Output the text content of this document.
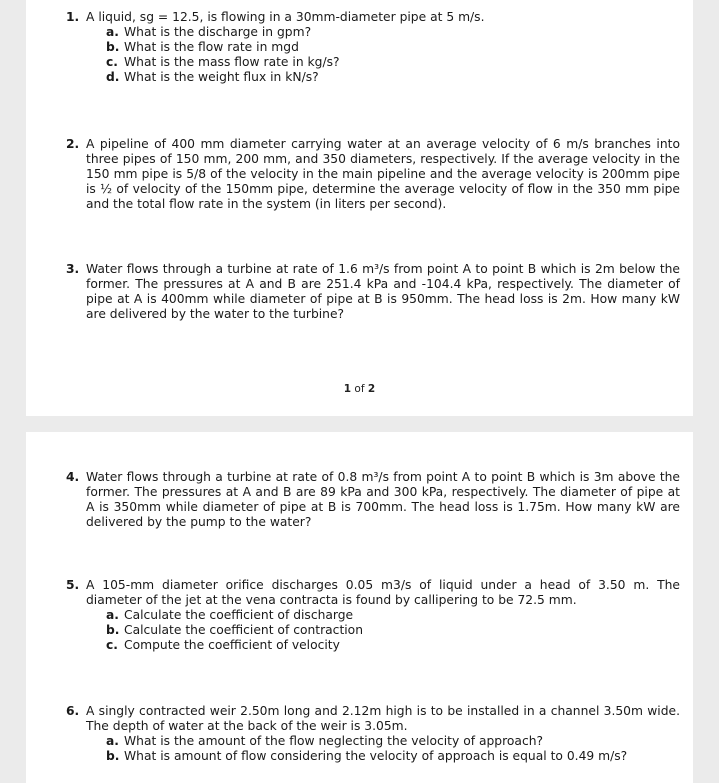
1. A liquid, sg = 12.5, is flowing in a 30mm-diameter pipe at 5 m/s.
a. What is the discharge in gpm?
b. What is the flow rate in mgd
c. What is the mass flow rate in kg/s?
d. What is the weight flux in kN/s?
2. A pipeline of 400 mm diameter carrying water at an average velocity of 6 m/s branches into three pipes of 150 mm, 200 mm, and 350 diameters, respectively. If the average velocity in the 150 mm pipe is 5/8 of the velocity in the main pipeline and the average velocity is 200mm pipe is ½ of velocity of the 150mm pipe, determine the average velocity of flow in the 350 mm pipe and the total flow rate in the system (in liters per second).
3. Water flows through a turbine at rate of 1.6 m³/s from point A to point B which is 2m below the former. The pressures at A and B are 251.4 kPa and -104.4 kPa, respectively. The diameter of pipe at A is 400mm while diameter of pipe at B is 950mm. The head loss is 2m. How many kW are delivered by the water to the turbine?
1 of 2
4. Water flows through a turbine at rate of 0.8 m³/s from point A to point B which is 3m above the former. The pressures at A and B are 89 kPa and 300 kPa, respectively. The diameter of pipe at A is 350mm while diameter of pipe at B is 700mm. The head loss is 1.75m. How many kW are delivered by the pump to the water?
5. A 105-mm diameter orifice discharges 0.05 m3/s of liquid under a head of 3.50 m. The diameter of the jet at the vena contracta is found by callipering to be 72.5 mm.
a. Calculate the coefficient of discharge
b. Calculate the coefficient of contraction
c. Compute the coefficient of velocity
6. A singly contracted weir 2.50m long and 2.12m high is to be installed in a channel 3.50m wide. The depth of water at the back of the weir is 3.05m.
a. What is the amount of the flow neglecting the velocity of approach?
b. What is amount of flow considering the velocity of approach is equal to 0.49 m/s?
